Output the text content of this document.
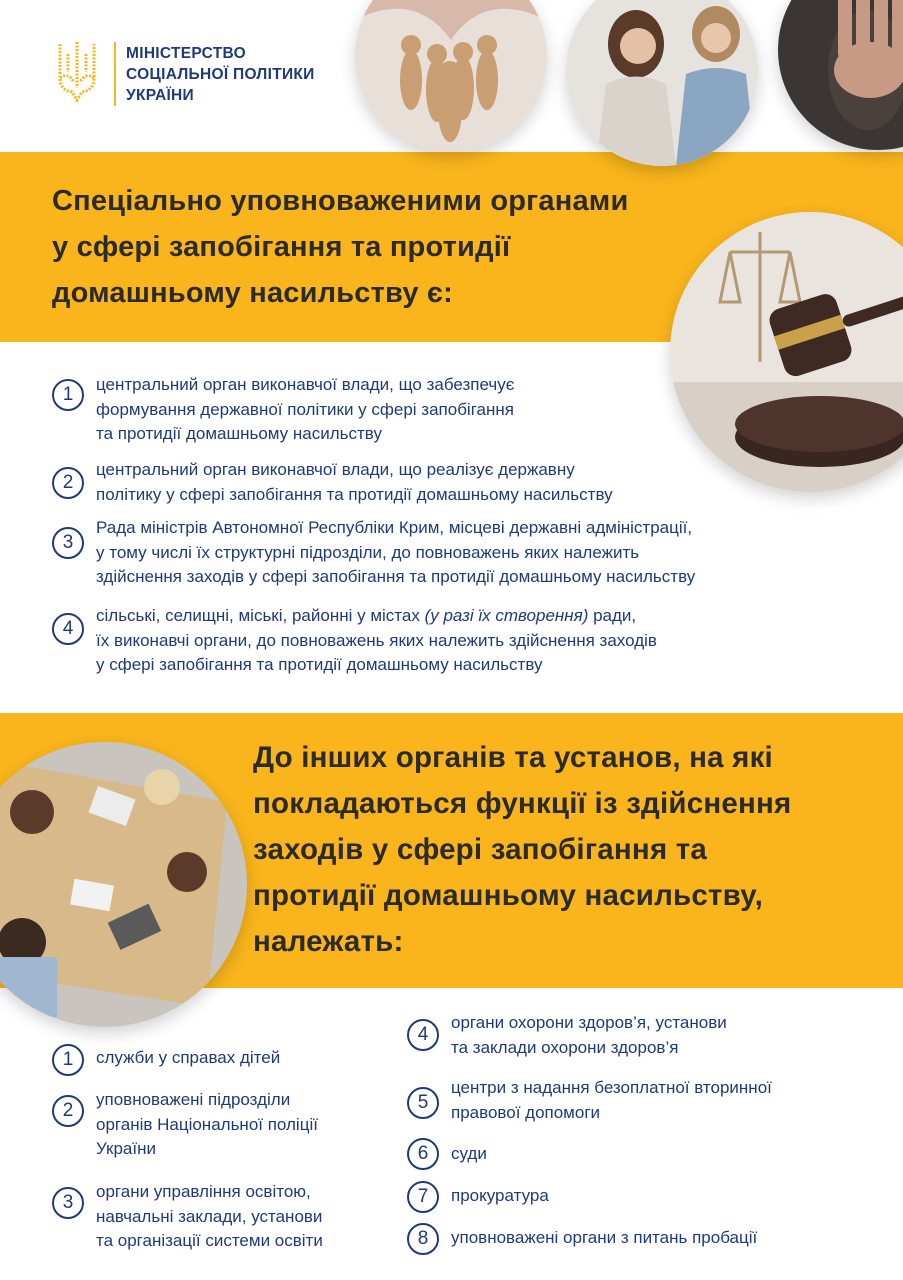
МІНІСТЕРСТВО
СОЦІАЛЬНОЇ ПОЛІТИКИ
УКРАЇНИ
Спеціально уповноваженими органами
у сфері запобігання та протидії
домашньому насильству є:
1	центральний орган виконавчої влади, що забезпечує
формування державної політики у сфері запобігання
та протидії домашньому насильству
2
центральний орган виконавчої влади, що реалізує державну
політику у сфері запобігання та протидії домашньому насильству
3
Рада міністрів Автономної Республіки Крим, місцеві державні адміністрації,
у тому числі їх структурні підрозділи, до повноважень яких належить
здійснення заходів у сфері запобігання та протидії домашньому насильству
4
сільські, селищні, міські, районні у містах (у разі їх створення) ради,
їх виконавчі органи, до повноважень яких належить здійснення заходів
у сфері запобігання та протидії домашньому насильству
До інших органів та установ, на які
покладаються функції із здійснення
заходів у сфері запобігання та
протидії домашньому насильству,
належать:
1	служби у справах дітей
2
уповноважені підрозділи
органів Національної поліції
України
3
органи управління освітою,
навчальні заклади, установи
та організації системи освіти
4
органи охорони здоров’я, установи
та заклади охорони здоров’я
5
центри з надання безоплатної вторинної
правової допомоги
6	суди
7	прокуратура
8	уповноважені органи з питань пробації
